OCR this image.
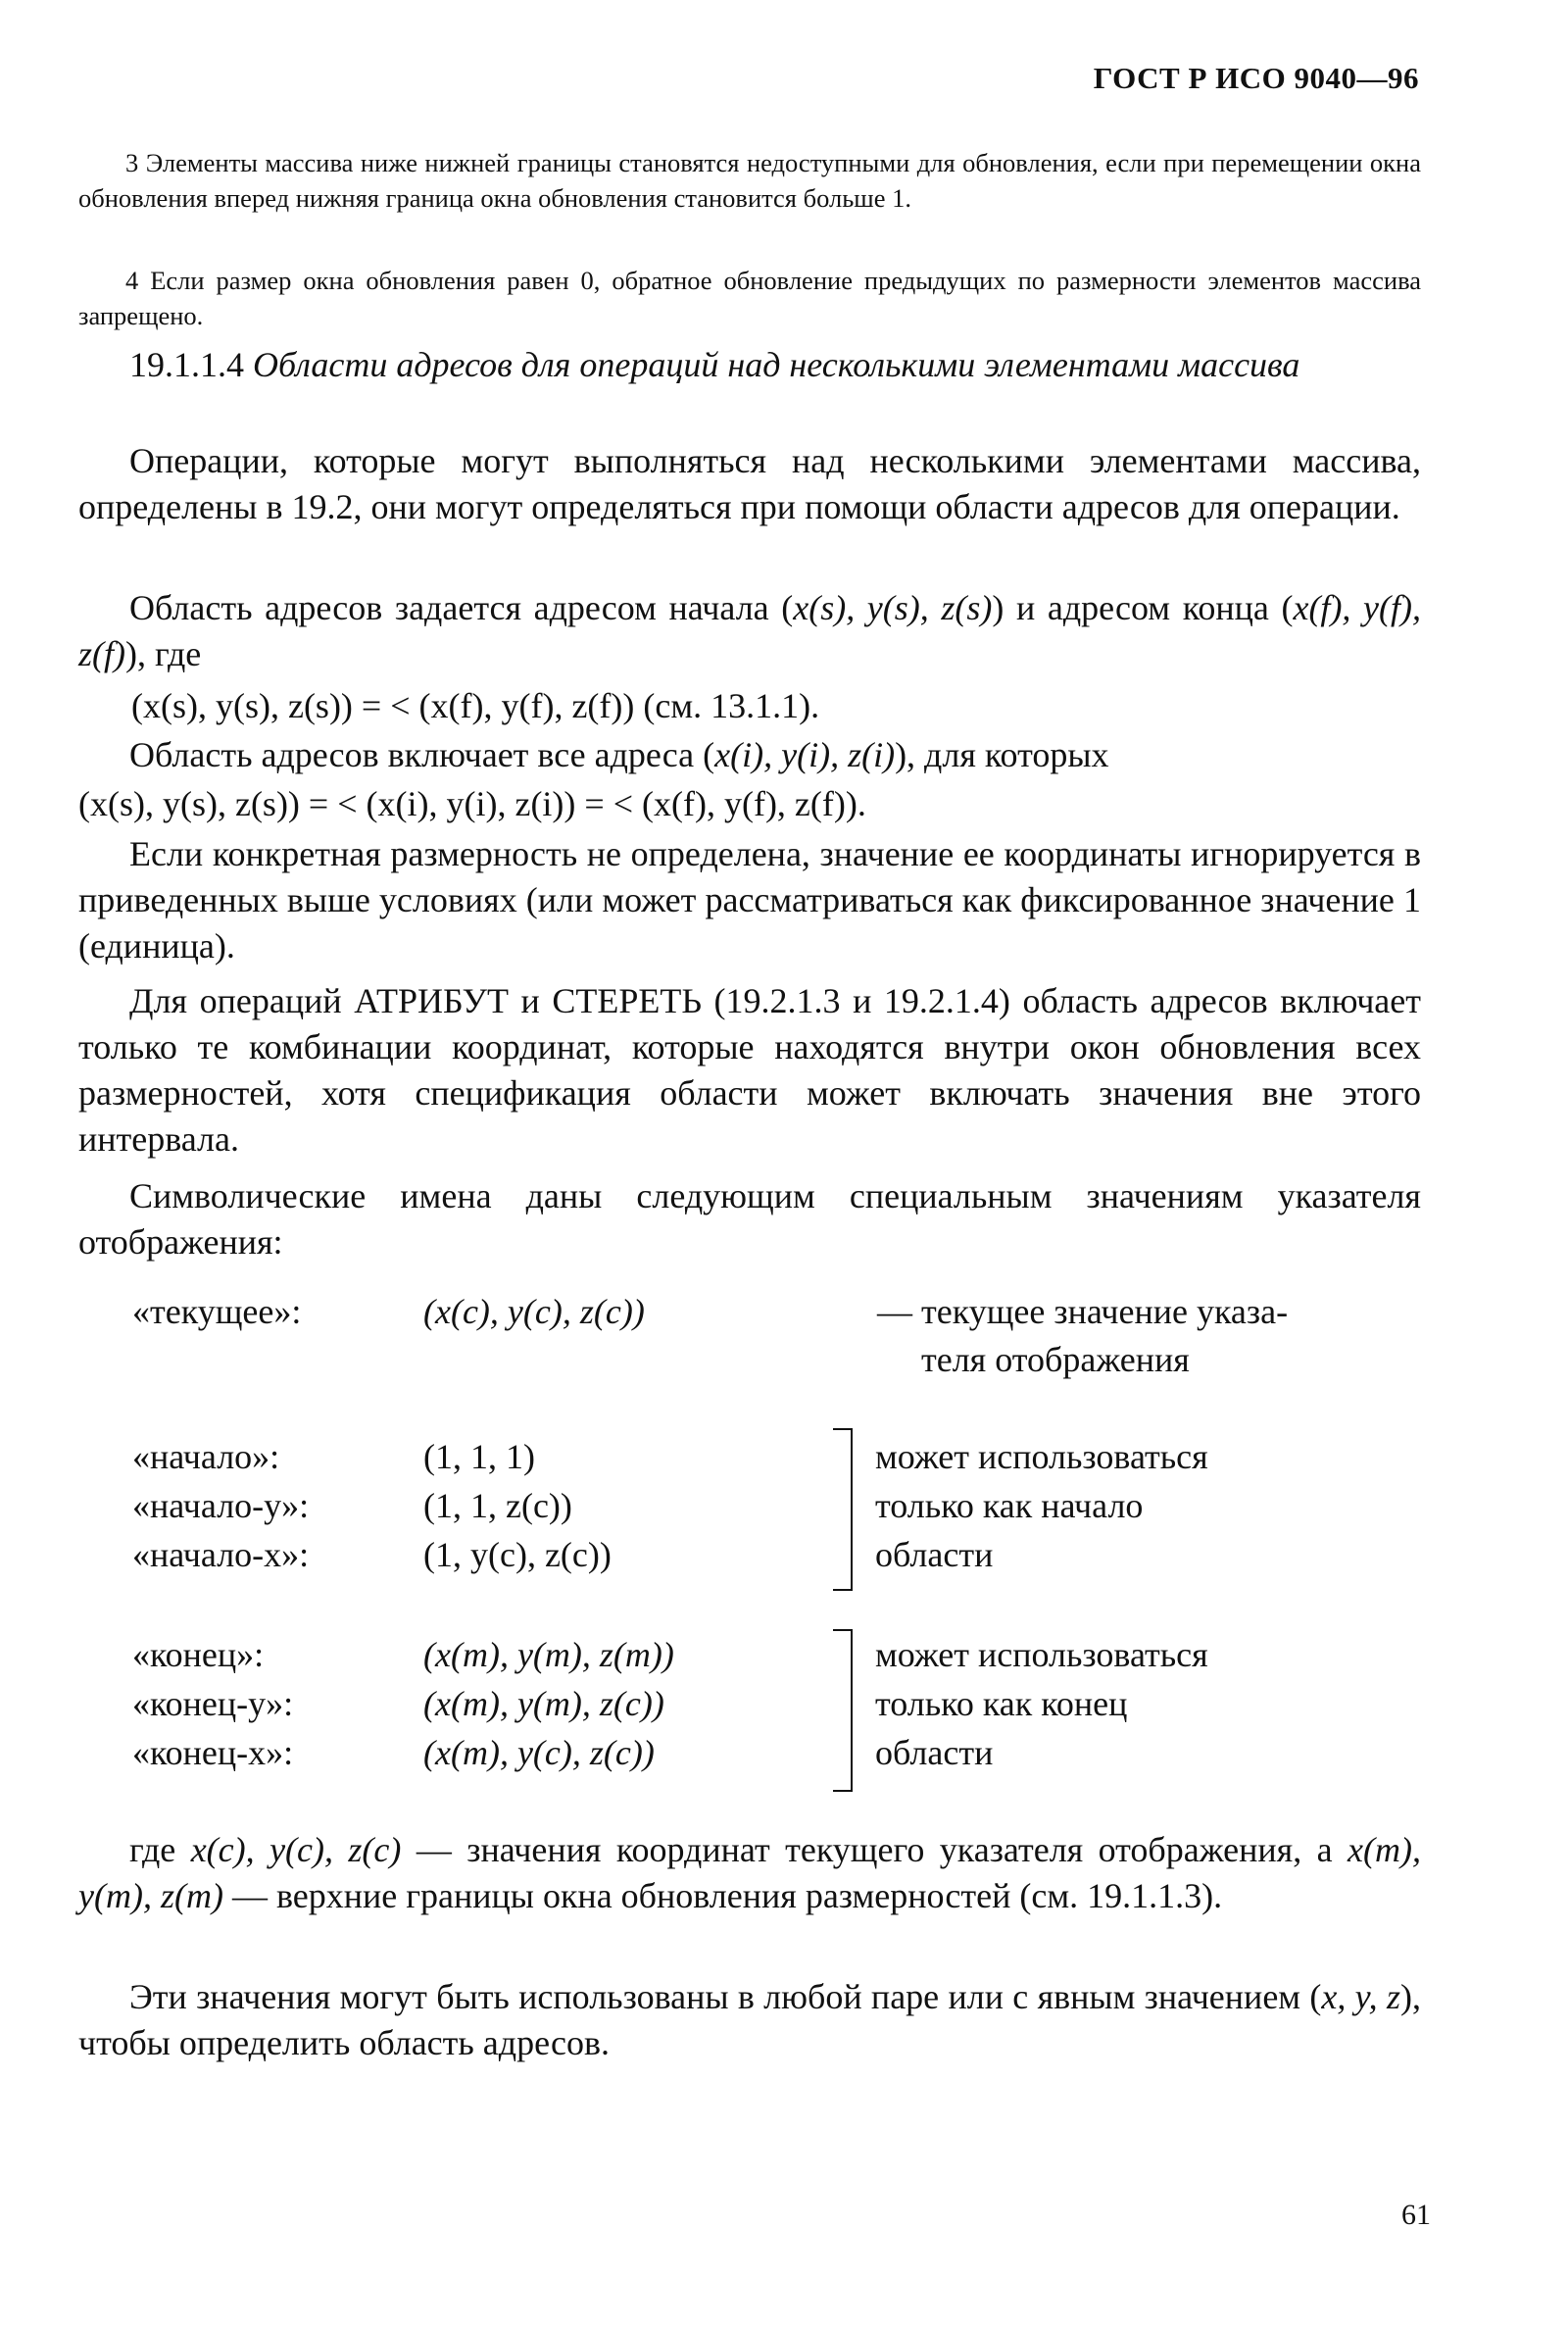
ГОСТ Р ИСО 9040—96
3 Элементы массива ниже нижней границы становятся недоступными для обновления, если при перемещении окна обновления вперед нижняя граница окна обновления становится больше 1.
4 Если размер окна обновления равен 0, обратное обновление предыдущих по размерности элементов массива запрещено.
19.1.1.4 Области адресов для операций над несколькими элементами массива
Операции, которые могут выполняться над несколькими элементами массива, определены в 19.2, они могут определяться при помощи области адресов для операции.
Область адресов задается адресом начала (x(s), y(s), z(s)) и адресом конца (x(f), y(f), z(f)), где
(x(s), y(s), z(s)) = < (x(f), y(f), z(f)) (см. 13.1.1).
Область адресов включает все адреса (x(i), y(i), z(i)), для которых
(x(s), y(s), z(s)) = < (x(i), y(i), z(i)) = < (x(f), y(f), z(f)).
Если конкретная размерность не определена, значение ее координаты игнорируется в приведенных выше условиях (или может рассматриваться как фиксированное значение 1 (единица).
Для операций АТРИБУТ и СТЕРЕТЬ (19.2.1.3 и 19.2.1.4) область адресов включает только те комбинации координат, которые находятся внутри окон обновления всех размерностей, хотя спецификация области может включать значения вне этого интервала.
Символические имена даны следующим специальным значениям указателя отображения:
«текущее»:	(x(c), y(c), z(c))	— текущее значение указа-
теля отображения
«начало»:	(1, 1, 1)
«начало-y»:	(1, 1, z(c))
«начало-x»:	(1, y(c), z(c))
может использоваться
только как начало
области
«конец»:	(x(m), y(m), z(m))
«конец-y»:	(x(m), y(m), z(c))
«конец-x»:	(x(m), y(c), z(c))
может использоваться
только как конец
области
где x(c), y(c), z(c) — значения координат текущего указателя отображения, а x(m), y(m), z(m) — верхние границы окна обновления размерностей (см. 19.1.1.3).
Эти значения могут быть использованы в любой паре или с явным значением (x, y, z), чтобы определить область адресов.
61
